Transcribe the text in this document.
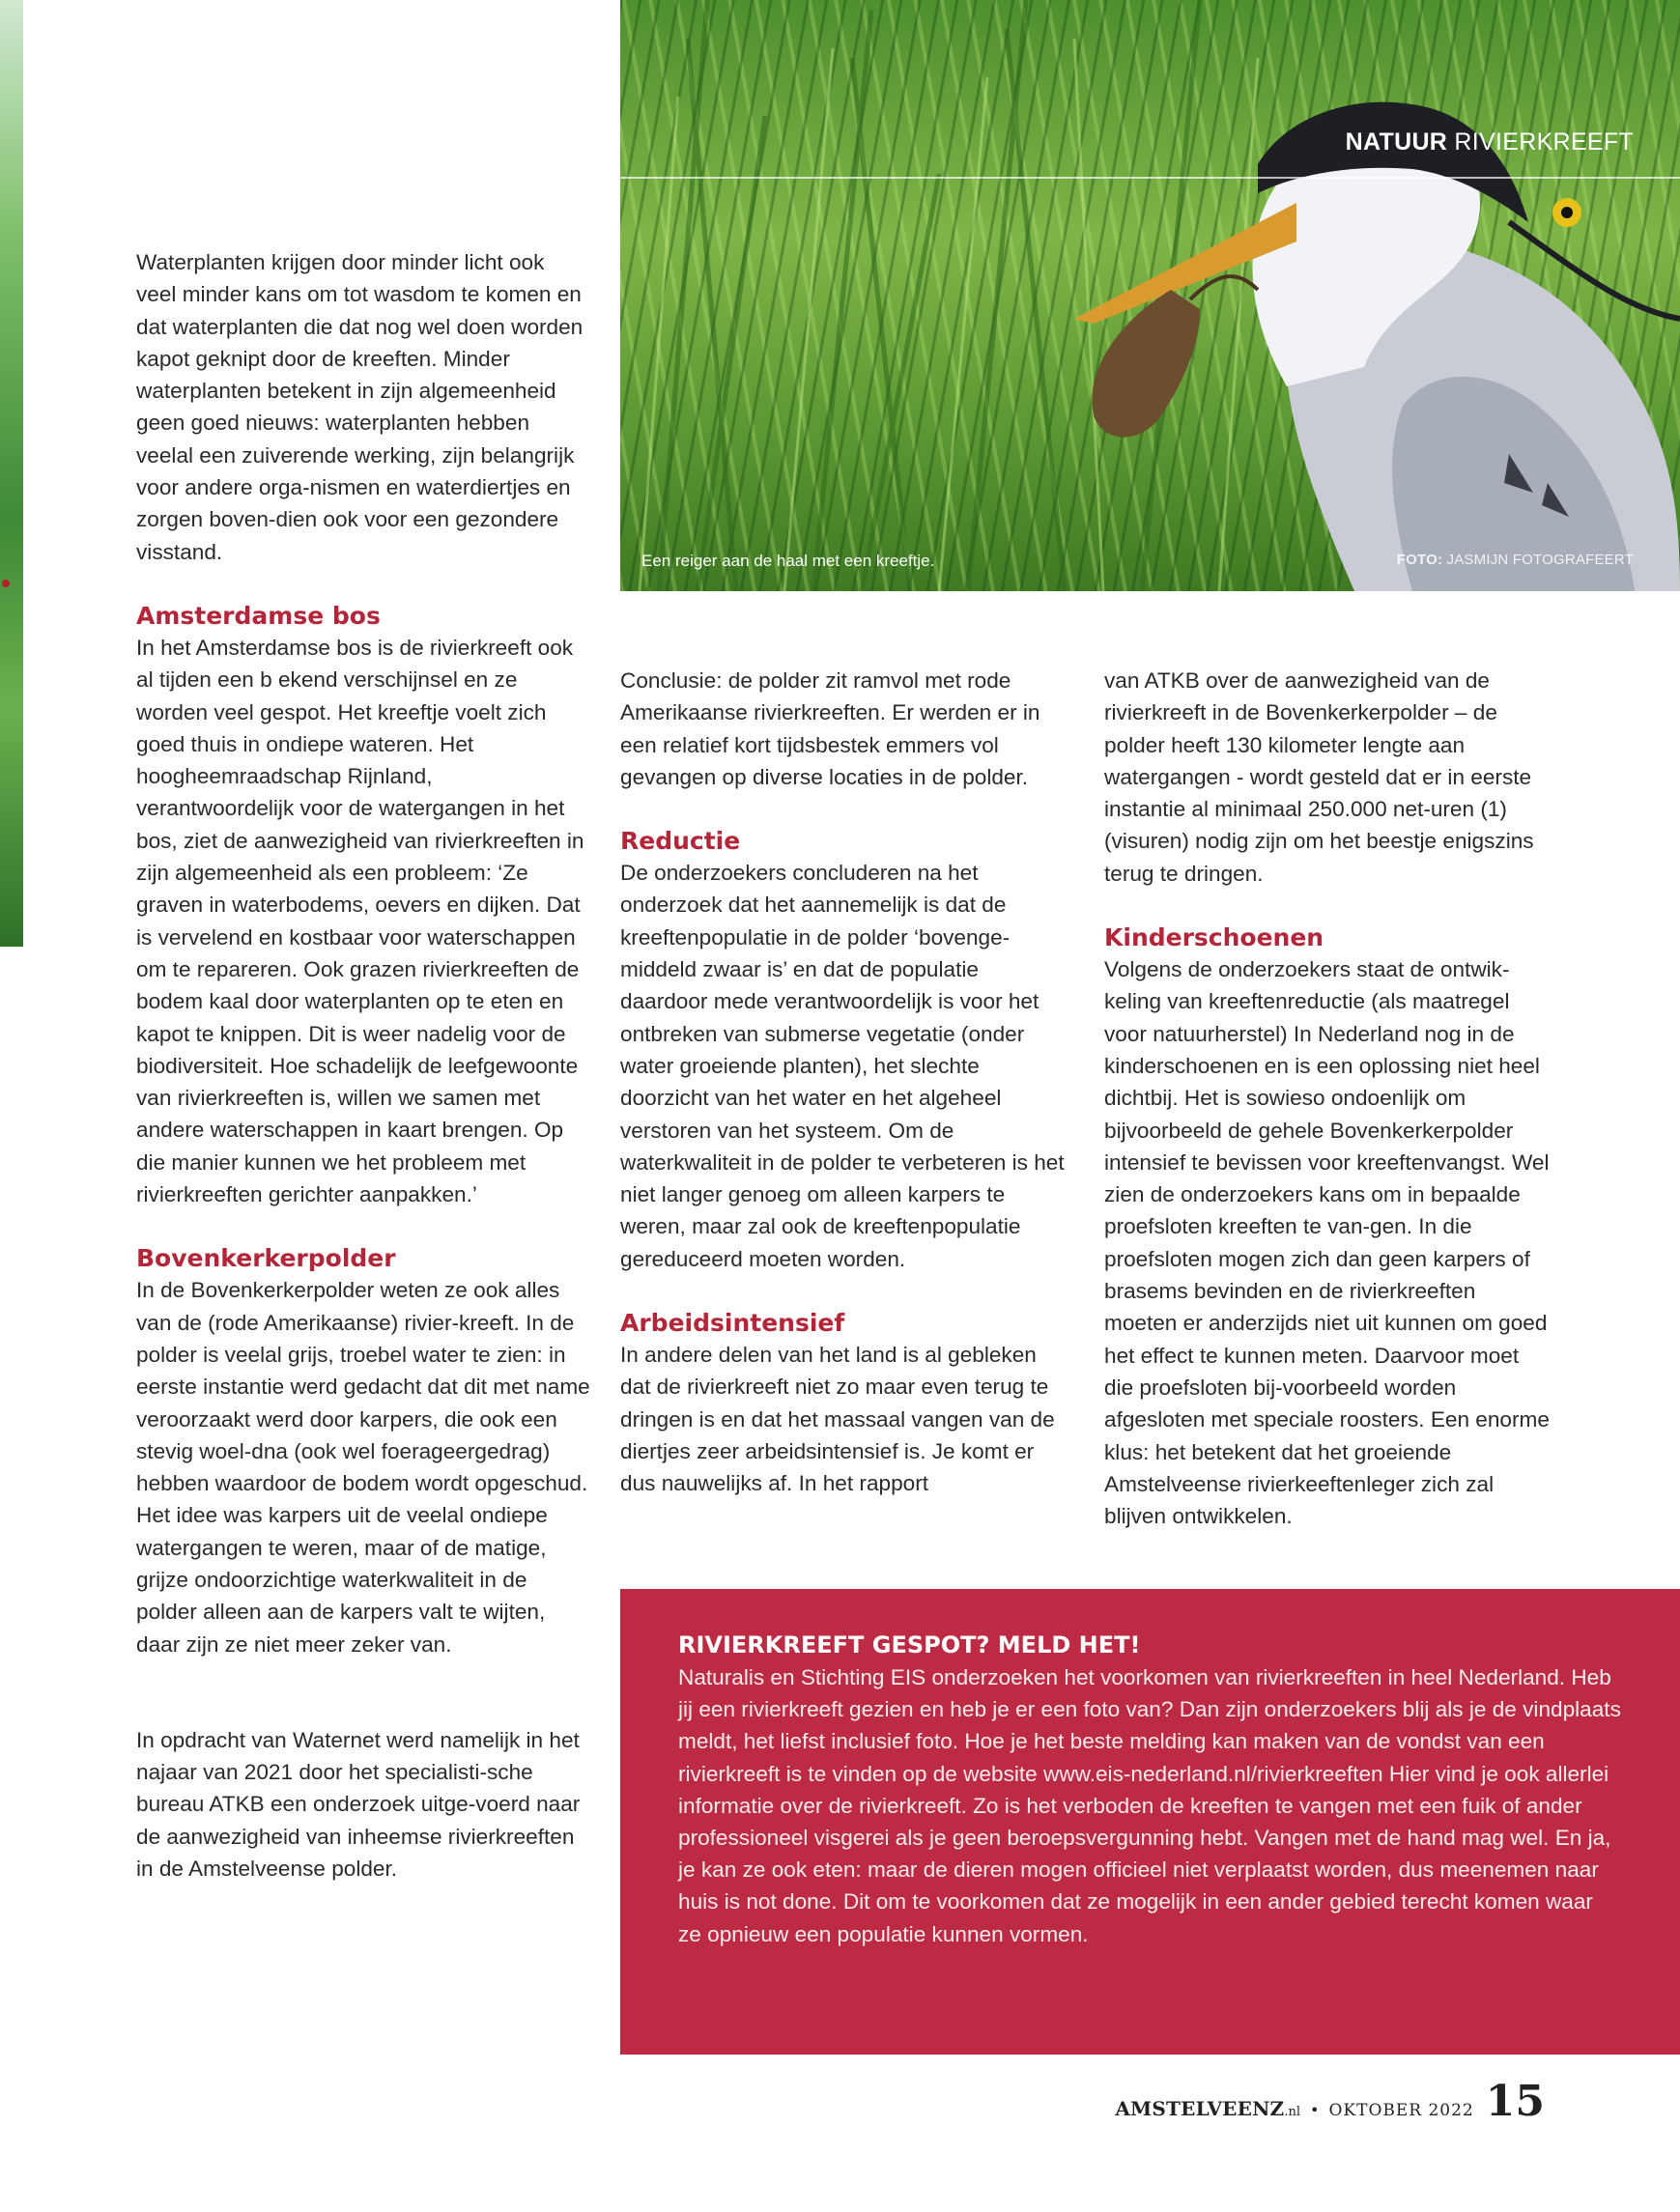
NATUUR RIVIERKREEFT
Een reiger aan de haal met een kreeftje.	FOTO: JASMIJN FOTOGRAFEERT

Waterplanten krijgen door minder licht ook veel minder kans om tot wasdom te komen en dat waterplanten die dat nog wel doen worden kapot geknipt door de kreeften. Minder waterplanten betekent in zijn algemeenheid geen goed nieuws: waterplanten hebben veelal een zuiverende werking, zijn belangrijk voor andere orga-nismen en waterdiertjes en zorgen boven-dien ook voor een gezondere visstand.

Amsterdamse bos

In het Amsterdamse bos is de rivierkreeft ook al tijden een b ekend verschijnsel en ze worden veel gespot. Het kreeftje voelt zich goed thuis in ondiepe wateren. Het hoogheemraadschap Rijnland, verantwoordelijk voor de watergangen in het bos, ziet de aanwezigheid van rivierkreeften in zijn algemeenheid als een probleem: ‘Ze graven in waterbodems, oevers en dijken. Dat is vervelend en kostbaar voor waterschappen om te repareren. Ook grazen rivierkreeften de bodem kaal door waterplanten op te eten en kapot te knippen. Dit is weer nadelig voor de biodiversiteit. Hoe schadelijk de leefgewoonte van rivierkreeften is, willen we samen met andere waterschappen in kaart brengen. Op die manier kunnen we het probleem met rivierkreeften gerichter aanpakken.’

Bovenkerkerpolder

In de Bovenkerkerpolder weten ze ook alles van de (rode Amerikaanse) rivier-kreeft. In de polder is veelal grijs, troebel water te zien: in eerste instantie werd gedacht dat dit met name veroorzaakt werd door karpers, die ook een stevig woel-dna (ook wel foerageergedrag) hebben waardoor de bodem wordt opgeschud. Het idee was karpers uit de veelal ondiepe watergangen te weren, maar of de matige, grijze ondoorzichtige waterkwaliteit in de polder alleen aan de karpers valt te wijten, daar zijn ze niet meer zeker van.

In opdracht van Waternet werd namelijk in het najaar van 2021 door het specialisti-sche bureau ATKB een onderzoek uitge-voerd naar de aanwezigheid van inheemse rivierkreeften in de Amstelveense polder.

Conclusie: de polder zit ramvol met rode Amerikaanse rivierkreeften. Er werden er in een relatief kort tijdsbestek emmers vol gevangen op diverse locaties in de polder.

Reductie

De onderzoekers concluderen na het onderzoek dat het aannemelijk is dat de kreeftenpopulatie in de polder ‘bovenge-middeld zwaar is’ en dat de populatie daardoor mede verantwoordelijk is voor het ontbreken van submerse vegetatie (onder water groeiende planten), het slechte doorzicht van het water en het algeheel verstoren van het systeem. Om de waterkwaliteit in de polder te verbeteren is het niet langer genoeg om alleen karpers te weren, maar zal ook de kreeftenpopulatie gereduceerd moeten worden.

Arbeidsintensief

In andere delen van het land is al gebleken dat de rivierkreeft niet zo maar even terug te dringen is en dat het massaal vangen van de diertjes zeer arbeidsintensief is. Je komt er dus nauwelijks af. In het rapport

van ATKB over de aanwezigheid van de rivierkreeft in de Bovenkerkerpolder – de polder heeft 130 kilometer lengte aan watergangen - wordt gesteld dat er in eerste instantie al minimaal 250.000 net-uren (1) (visuren) nodig zijn om het beestje enigszins terug te dringen.

Kinderschoenen

Volgens de onderzoekers staat de ontwik-keling van kreeftenreductie (als maatregel voor natuurherstel) In Nederland nog in de kinderschoenen en is een oplossing niet heel dichtbij. Het is sowieso ondoenlijk om bijvoorbeeld de gehele Bovenkerkerpolder intensief te bevissen voor kreeftenvangst. Wel zien de onderzoekers kans om in bepaalde proefsloten kreeften te van-gen. In die proefsloten mogen zich dan geen karpers of brasems bevinden en de rivierkreeften moeten er anderzijds niet uit kunnen om goed het effect te kunnen meten. Daarvoor moet die proefsloten bij-voorbeeld worden afgesloten met speciale roosters. Een enorme klus: het betekent dat het groeiende Amstelveense rivierkeeftenleger zich zal blijven ontwikkelen.

RIVIERKREEFT GESPOT? MELD HET!

Naturalis en Stichting EIS onderzoeken het voorkomen van rivierkreeften in heel Nederland. Heb jij een rivierkreeft gezien en heb je er een foto van? Dan zijn onderzoekers blij als je de vindplaats meldt, het liefst inclusief foto. Hoe je het beste melding kan maken van de vondst van een rivierkreeft is te vinden op de website www.eis-nederland.nl/rivierkreeften Hier vind je ook allerlei informatie over de rivierkreeft. Zo is het verboden de kreeften te vangen met een fuik of ander professioneel visgerei als je geen beroepsvergunning hebt. Vangen met de hand mag wel. En ja, je kan ze ook eten: maar de dieren mogen officieel niet verplaatst worden, dus meenemen naar huis is not done. Dit om te voorkomen dat ze mogelijk in een ander gebied terecht komen waar ze opnieuw een populatie kunnen vormen.

AMSTELVEENZ .nl • OKTOBER 2022 15
